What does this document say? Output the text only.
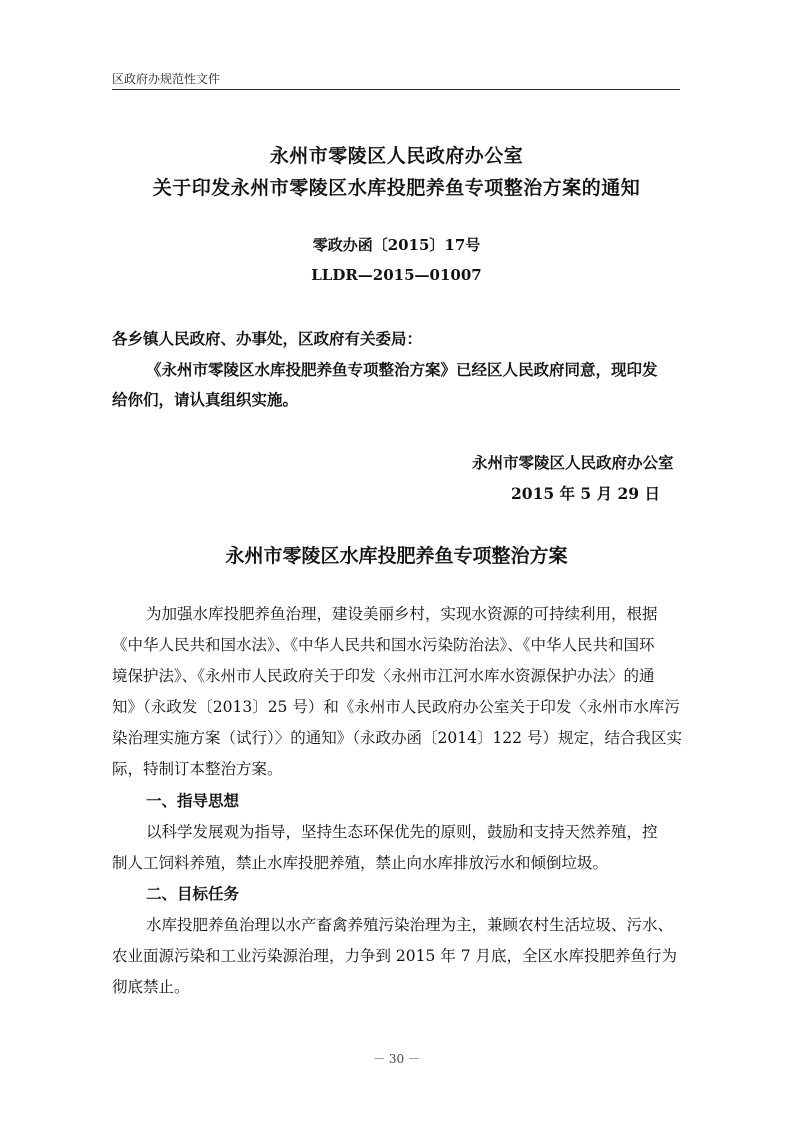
区政府办规范性文件
永州市零陵区人民政府办公室
关于印发永州市零陵区水库投肥养鱼专项整治方案的通知
零政办函〔2015〕17号
LLDR—2015—01007
各乡镇人民政府、办事处，区政府有关委局：
《永州市零陵区水库投肥养鱼专项整治方案》已经区人民政府同意，现印发
给你们，请认真组织实施。
永州市零陵区人民政府办公室
2015 年 5 月 29 日
永州市零陵区水库投肥养鱼专项整治方案
为加强水库投肥养鱼治理，建设美丽乡村，实现水资源的可持续利用，根据
《中华人民共和国水法》、《中华人民共和国水污染防治法》、《中华人民共和国环
境保护法》、《永州市人民政府关于印发〈永州市江河水库水资源保护办法〉的通
知》（永政发〔2013〕25 号）和《永州市人民政府办公室关于印发〈永州市水库污
染治理实施方案（试行）〉的通知》（永政办函〔2014〕122 号）规定，结合我区实
际，特制订本整治方案。
一、指导思想
以科学发展观为指导，坚持生态环保优先的原则，鼓励和支持天然养殖，控
制人工饲料养殖，禁止水库投肥养殖，禁止向水库排放污水和倾倒垃圾。
二、目标任务
水库投肥养鱼治理以水产畜禽养殖污染治理为主，兼顾农村生活垃圾、污水、
农业面源污染和工业污染源治理，力争到 2015 年 7 月底，全区水库投肥养鱼行为
彻底禁止。
－ 30 －
